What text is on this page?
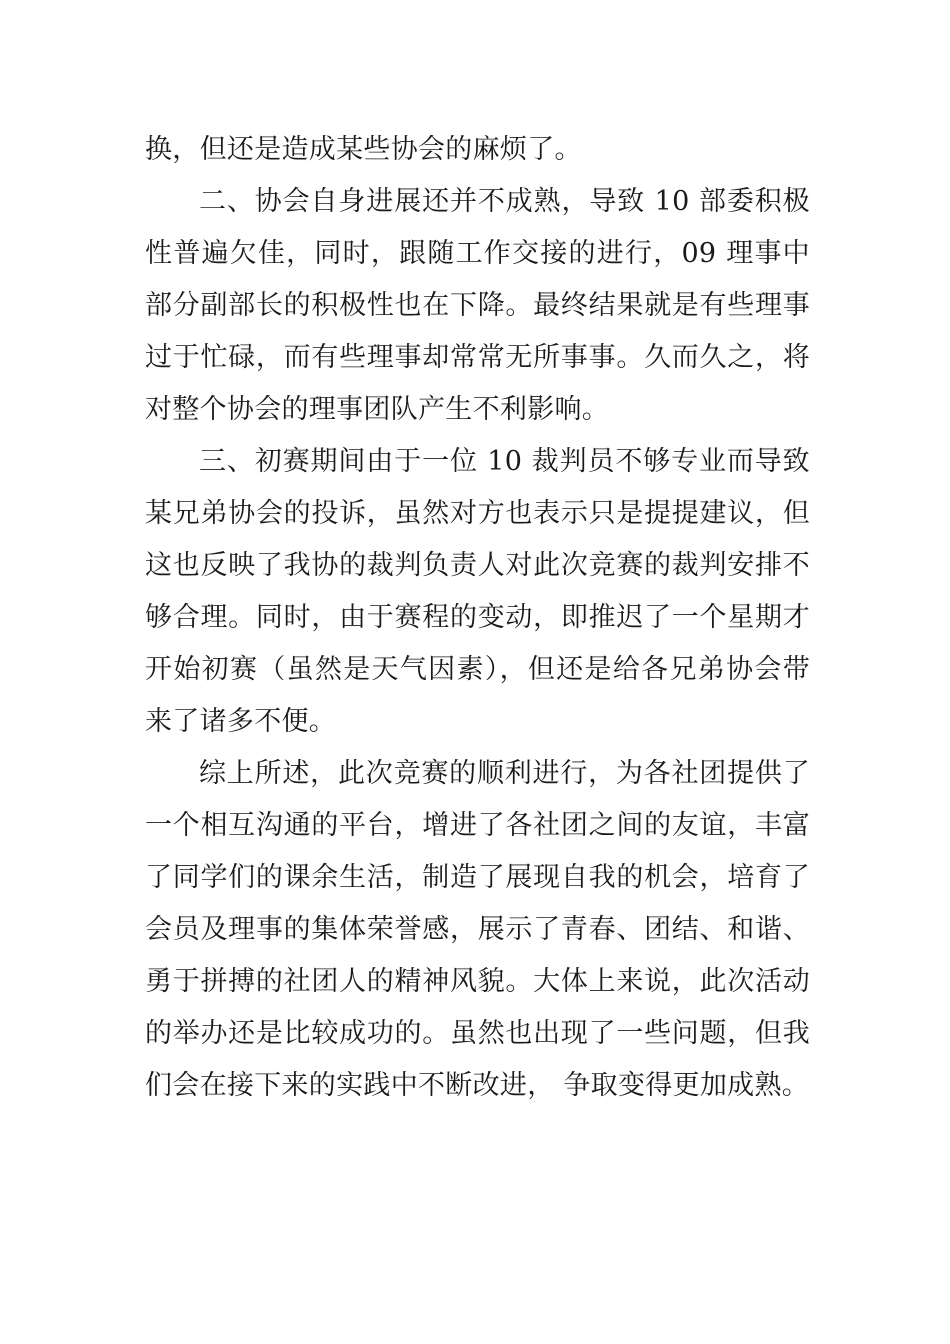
换，但还是造成某些协会的麻烦了。

二、协会自身进展还并不成熟，导致 10 部委积极性普遍欠佳，同时，跟随工作交接的进行，09 理事中部分副部长的积极性也在下降。最终结果就是有些理事过于忙碌，而有些理事却常常无所事事。久而久之，将对整个协会的理事团队产生不利影响。

三、初赛期间由于一位 10 裁判员不够专业而导致某兄弟协会的投诉，虽然对方也表示只是提提建议，但这也反映了我协的裁判负责人对此次竞赛的裁判安排不够合理。同时，由于赛程的变动，即推迟了一个星期才开始初赛（虽然是天气因素），但还是给各兄弟协会带来了诸多不便。

综上所述，此次竞赛的顺利进行，为各社团提供了一个相互沟通的平台，增进了各社团之间的友谊，丰富了同学们的课余生活，制造了展现自我的机会，培育了会员及理事的集体荣誉感，展示了青春、团结、和谐、勇于拼搏的社团人的精神风貌。大体上来说，此次活动的举办还是比较成功的。虽然也出现了一些问题，但我们会在接下来的实践中不断改进， 争取变得更加成熟。
